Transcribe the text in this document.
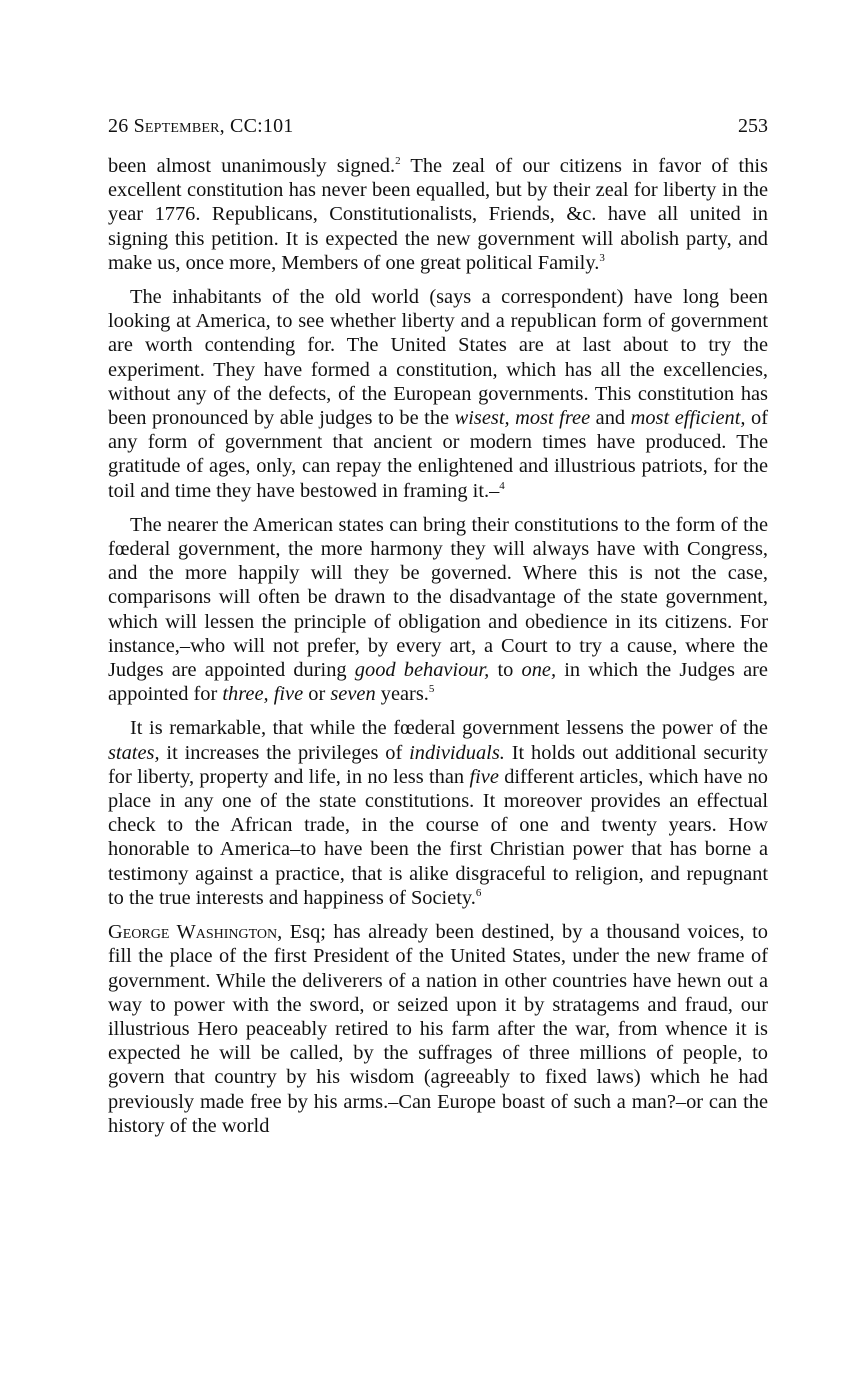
26 September, CC:101	253

been almost unanimously signed.$^2$ The zeal of our citizens in favor of this excellent constitution has never been equalled, but by their zeal for liberty in the year 1776. Republicans, Constitutionalists, Friends, &c. have all united in signing this petition. It is expected the new government will abolish party, and make us, once more, Members of one great political Family.$^3$

The inhabitants of the old world (says a correspondent) have long been looking at America, to see whether liberty and a republican form of government are worth contending for. The United States are at last about to try the experiment. They have formed a constitution, which has all the excellencies, without any of the defects, of the European governments. This constitution has been pronounced by able judges to be the wisest, most free and most efficient, of any form of government that ancient or modern times have produced. The gratitude of ages, only, can repay the enlightened and illustrious patriots, for the toil and time they have bestowed in framing it.–$^4$

The nearer the American states can bring their constitutions to the form of the fœderal government, the more harmony they will always have with Congress, and the more happily will they be governed. Where this is not the case, comparisons will often be drawn to the disadvantage of the state government, which will lessen the principle of obligation and obedience in its citizens. For instance,–who will not prefer, by every art, a Court to try a cause, where the Judges are appointed during good behaviour, to one, in which the Judges are appointed for three, five or seven years.$^5$

It is remarkable, that while the fœderal government lessens the power of the states, it increases the privileges of individuals. It holds out additional security for liberty, property and life, in no less than five different articles, which have no place in any one of the state constitutions. It moreover provides an effectual check to the African trade, in the course of one and twenty years. How honorable to America–to have been the first Christian power that has borne a testimony against a practice, that is alike disgraceful to religion, and repugnant to the true interests and happiness of Society.$^6$

George Washington, Esq; has already been destined, by a thousand voices, to fill the place of the first President of the United States, under the new frame of government. While the deliverers of a nation in other countries have hewn out a way to power with the sword, or seized upon it by stratagems and fraud, our illustrious Hero peaceably retired to his farm after the war, from whence it is expected he will be called, by the suffrages of three millions of people, to govern that country by his wisdom (agreeably to fixed laws) which he had previously made free by his arms.–Can Europe boast of such a man?–or can the history of the world
